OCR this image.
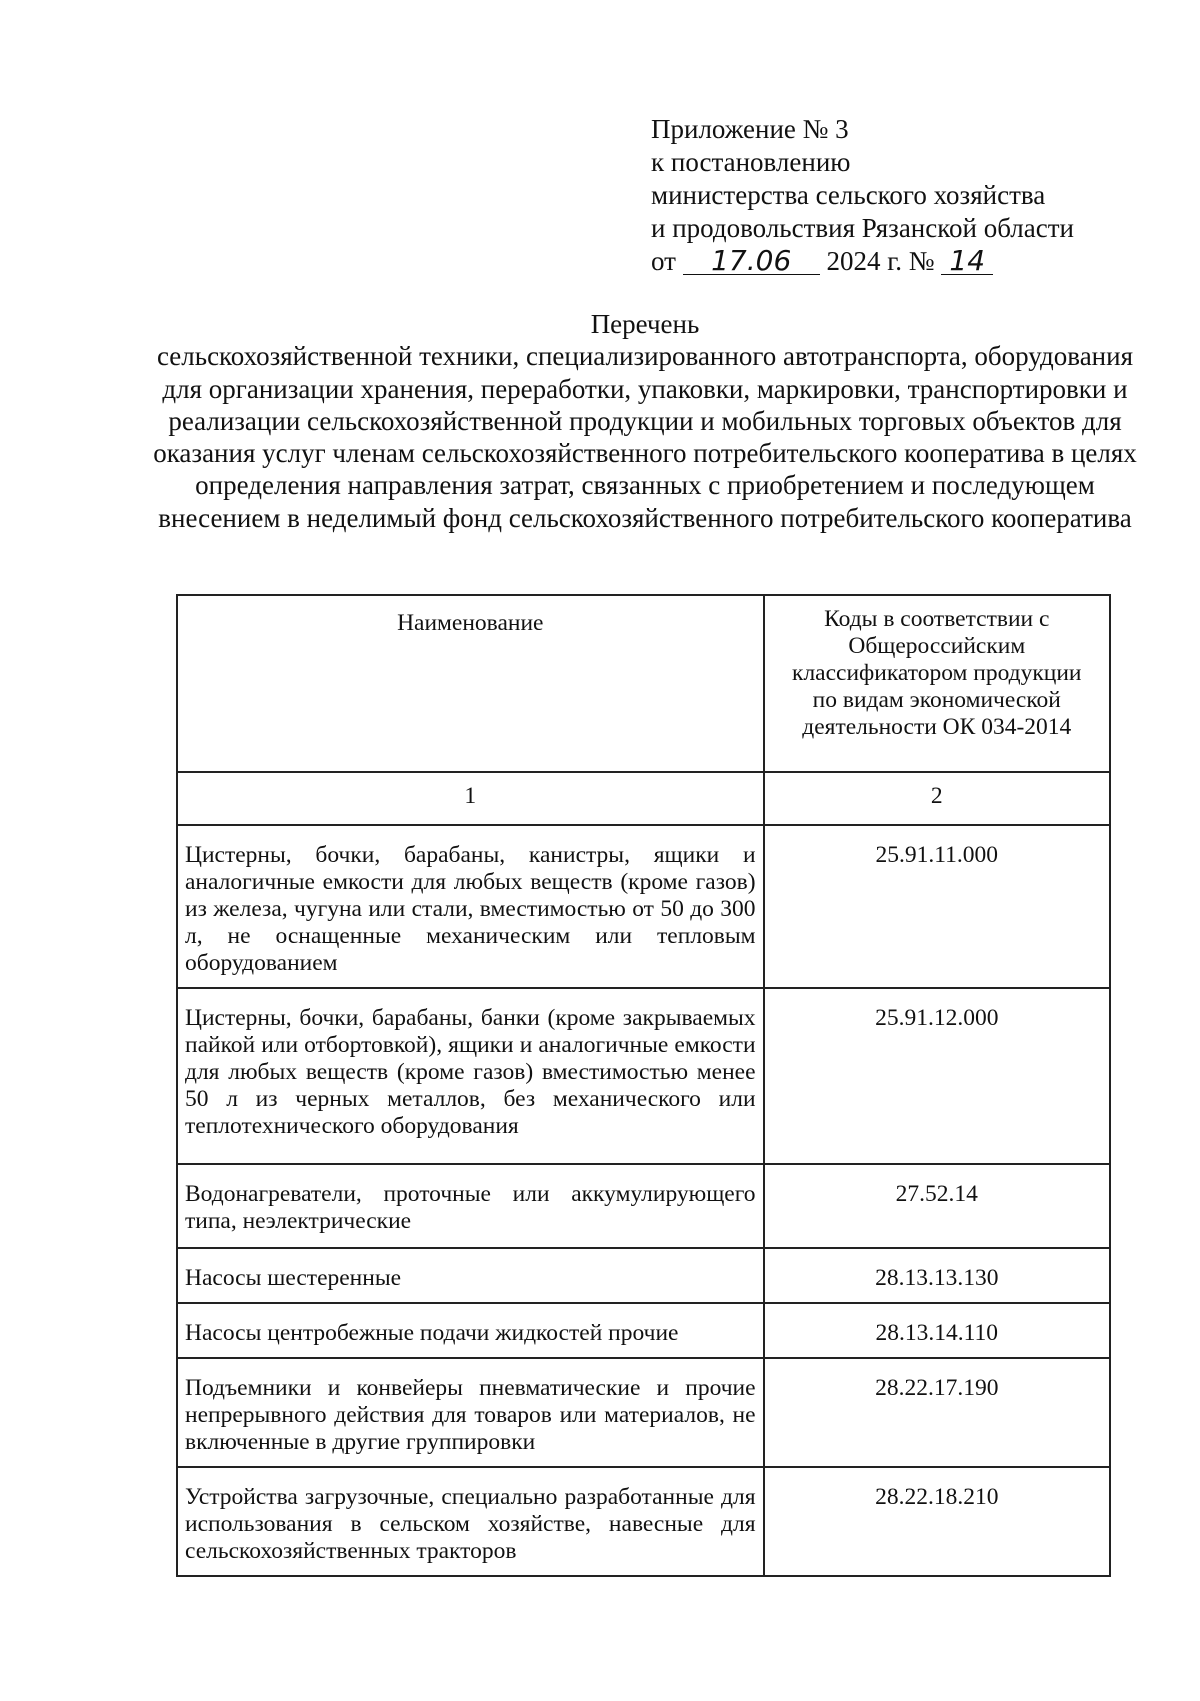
Приложение № 3
к постановлению
министерства сельского хозяйства
и продовольствия Рязанской области
от 17.06 2024 г. № 14
Перечень
сельскохозяйственной техники, специализированного автотранспорта, оборудования для организации хранения, переработки, упаковки, маркировки, транспортировки и реализации сельскохозяйственной продукции и мобильных торговых объектов для оказания услуг членам сельскохозяйственного потребительского кооператива в целях определения направления затрат, связанных с приобретением и последующем внесением в неделимый фонд сельскохозяйственного потребительского кооператива
Наименование	Коды в соответствии с Общероссийским классификатором продукции по видам экономической деятельности ОК 034-2014
1	2
Цистерны, бочки, барабаны, канистры, ящики и аналогичные емкости для любых веществ (кроме газов) из железа, чугуна или стали, вместимостью от 50 до 300 л, не оснащенные механическим или тепловым оборудованием	25.91.11.000
Цистерны, бочки, барабаны, банки (кроме закрываемых пайкой или отбортовкой), ящики и аналогичные емкости для любых веществ (кроме газов) вместимостью менее 50 л из черных металлов, без механического или теплотехнического оборудования	25.91.12.000
Водонагреватели, проточные или аккумулирующего типа, неэлектрические	27.52.14
Насосы шестеренные	28.13.13.130
Насосы центробежные подачи жидкостей прочие	28.13.14.110
Подъемники и конвейеры пневматические и прочие непрерывного действия для товаров или материалов, не включенные в другие группировки	28.22.17.190
Устройства загрузочные, специально разработанные для использования в сельском хозяйстве, навесные для сельскохозяйственных тракторов	28.22.18.210
